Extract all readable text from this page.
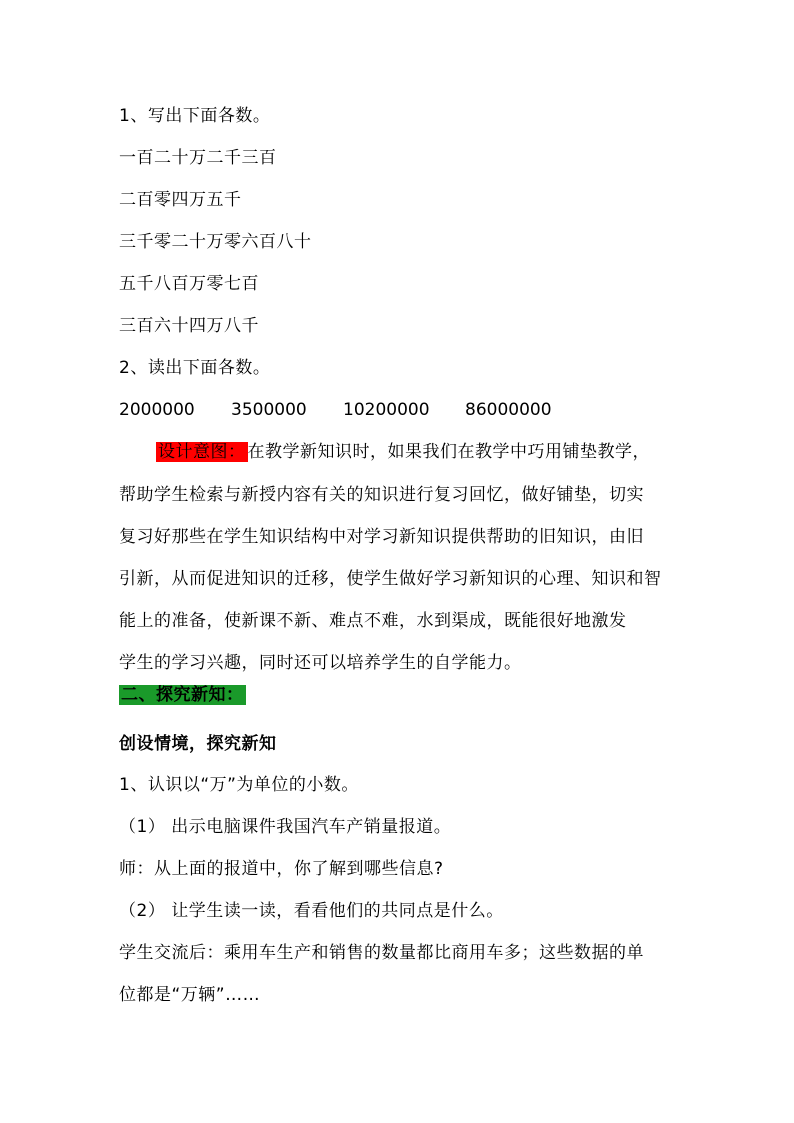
1、写出下面各数。
一百二十万二千三百
二百零四万五千
三千零二十万零六百八十
五千八百万零七百
三百六十四万八千
2、读出下面各数。
2000000 3500000 10200000 86000000
设计意图： 在教学新知识时，如果我们在教学中巧用铺垫教学，
帮助学生检索与新授内容有关的知识进行复习回忆，做好铺垫，切实
复习好那些在学生知识结构中对学习新知识提供帮助的旧知识，由旧
引新，从而促进知识的迁移，使学生做好学习新知识的心理、知识和智
能上的准备，使新课不新、难点不难，水到渠成，既能很好地激发
学生的学习兴趣，同时还可以培养学生的自学能力。
二、探究新知：
创设情境，探究新知
1、认识以“万”为单位的小数。
（1） 出示电脑课件我国汽车产销量报道。
师：从上面的报道中，你了解到哪些信息?
（2） 让学生读一读，看看他们的共同点是什么。
学生交流后：乘用车生产和销售的数量都比商用车多；这些数据的单
位都是“万辆”……
